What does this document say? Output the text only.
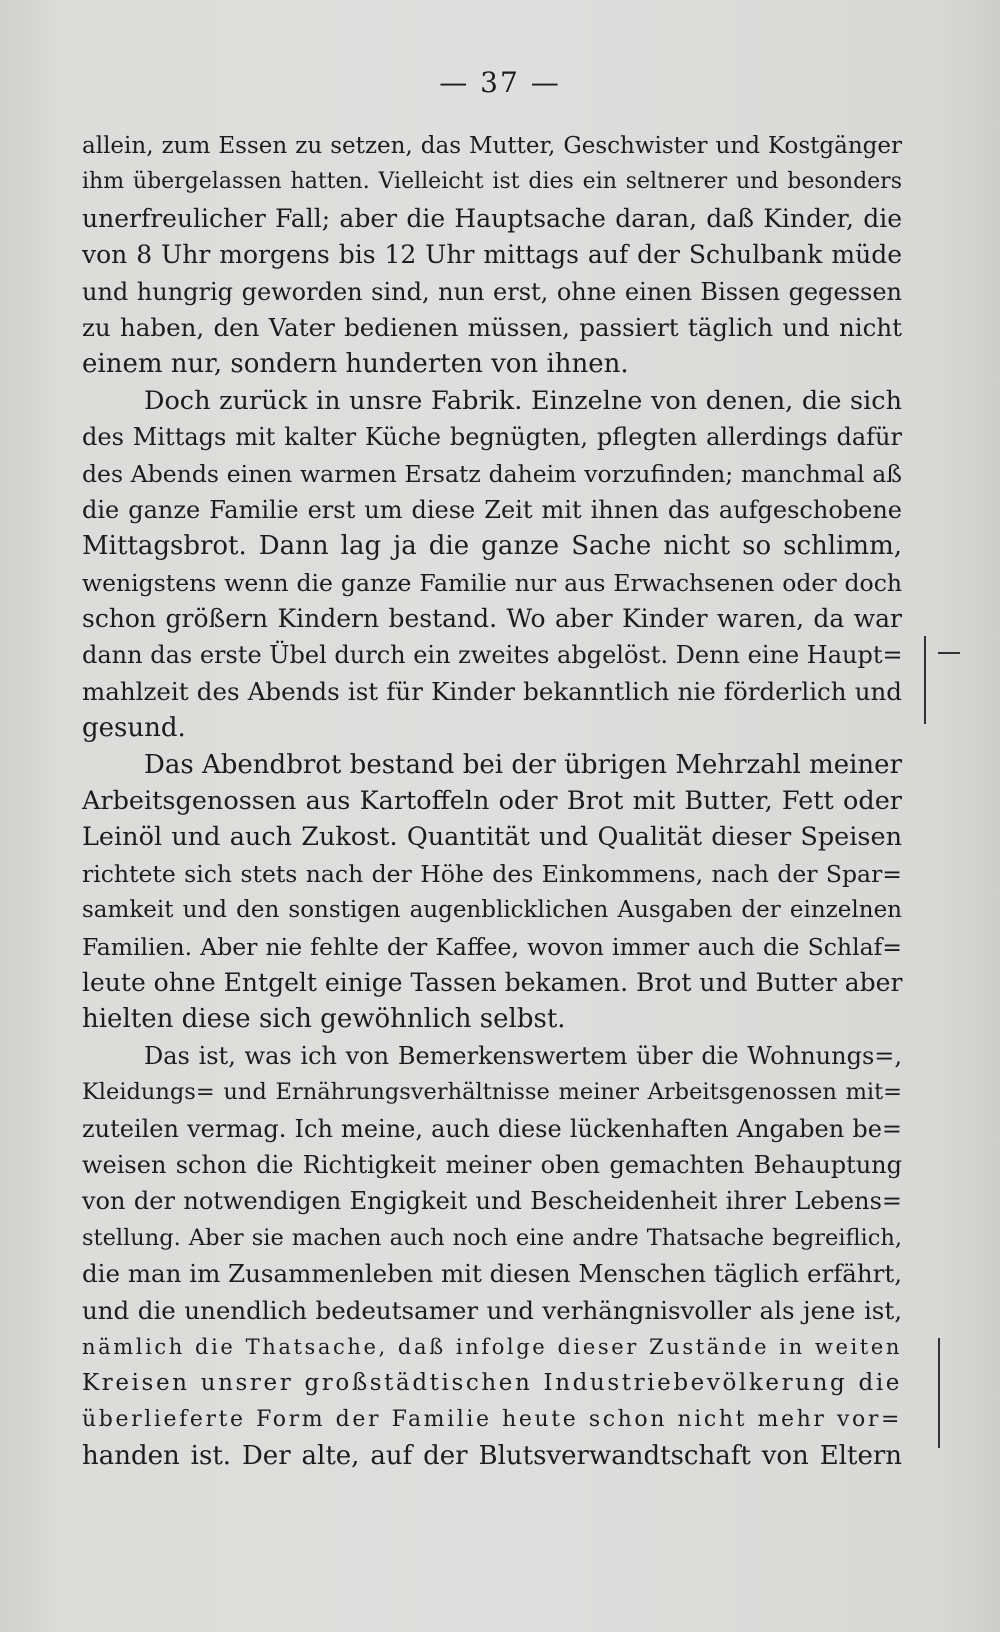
— 37 —
allein, zum Essen zu setzen, das Mutter, Geschwister und Kostgänger
ihm übergelassen hatten. Vielleicht ist dies ein seltnerer und besonders
unerfreulicher Fall; aber die Hauptsache daran, daß Kinder, die
von 8 Uhr morgens bis 12 Uhr mittags auf der Schulbank müde
und hungrig geworden sind, nun erst, ohne einen Bissen gegessen
zu haben, den Vater bedienen müssen, passiert täglich und nicht
einem nur, sondern hunderten von ihnen.
Doch zurück in unsre Fabrik. Einzelne von denen, die sich
des Mittags mit kalter Küche begnügten, pflegten allerdings dafür
des Abends einen warmen Ersatz daheim vorzufinden; manchmal aß
die ganze Familie erst um diese Zeit mit ihnen das aufgeschobene
Mittagsbrot. Dann lag ja die ganze Sache nicht so schlimm,
wenigstens wenn die ganze Familie nur aus Erwachsenen oder doch
schon größern Kindern bestand. Wo aber Kinder waren, da war
dann das erste Übel durch ein zweites abgelöst. Denn eine Haupt=
mahlzeit des Abends ist für Kinder bekanntlich nie förderlich und
gesund.
Das Abendbrot bestand bei der übrigen Mehrzahl meiner
Arbeitsgenossen aus Kartoffeln oder Brot mit Butter, Fett oder
Leinöl und auch Zukost. Quantität und Qualität dieser Speisen
richtete sich stets nach der Höhe des Einkommens, nach der Spar=
samkeit und den sonstigen augenblicklichen Ausgaben der einzelnen
Familien. Aber nie fehlte der Kaffee, wovon immer auch die Schlaf=
leute ohne Entgelt einige Tassen bekamen. Brot und Butter aber
hielten diese sich gewöhnlich selbst.
Das ist, was ich von Bemerkenswertem über die Wohnungs=,
Kleidungs= und Ernährungsverhältnisse meiner Arbeitsgenossen mit=
zuteilen vermag. Ich meine, auch diese lückenhaften Angaben be=
weisen schon die Richtigkeit meiner oben gemachten Behauptung
von der notwendigen Engigkeit und Bescheidenheit ihrer Lebens=
stellung. Aber sie machen auch noch eine andre Thatsache begreiflich,
die man im Zusammenleben mit diesen Menschen täglich erfährt,
und die unendlich bedeutsamer und verhängnisvoller als jene ist,
nämlich die Thatsache, daß infolge dieser Zustände in weiten
Kreisen unsrer großstädtischen Industriebevölkerung die
überlieferte Form der Familie heute schon nicht mehr vor=
handen ist. Der alte, auf der Blutsverwandtschaft von Eltern
